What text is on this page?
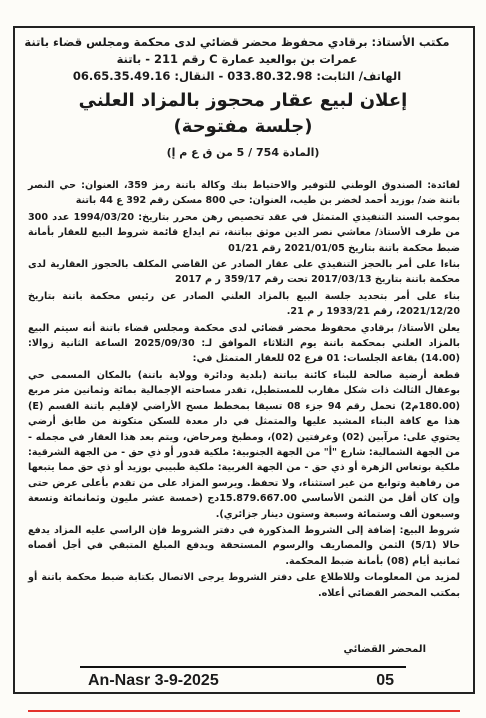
مكتب الأستاذ: برقادي محفوظ محضر قضائي لدى محكمة ومجلس قضاء باتنة
عمرات بن بوالعيد عمارة C رقم 211 - باتنة
الهاتف/ الثابت: 033.80.32.98 - النقال: 06.65.35.49.16
إعلان لبيع عقار محجوز بالمزاد العلني
(جلسة مفتوحة)
(المادة 754 / 5 من ق ع م إ)

لفائدة: الصندوق الوطني للتوفير والاحتياط بنك وكالة باتنة رمز 359، العنوان: حي النصر باتنة ضد/ بوزيد أحمد لخضر بن طيب، العنوان: حي 800 مسكن رقم 392 ع 44 باتنة

بموجب السند التنفيذي المتمثل في عقد تخصيص رهن محرر بتاريخ: 1994/03/20 عدد 300 من طرف الأستاذ/ معاشي نصر الدين موثق بباتنة، تم ايداع قائمة شروط البيع للعقار بأمانة ضبط محكمة باتنة بتاريخ 2021/01/05 رقم 01/21

بناءا على أمر بالحجز التنفيذي على عقار الصادر عن القاضي المكلف بالحجوز العقارية لدى محكمة باتنة بتاريخ 2017/03/13 تحت رقم 359/17 ر م 2017

بناء على أمر بتحديد جلسة البيع بالمزاد العلني الصادر عن رئيس محكمة باتنة بتاريخ 2021/12/20، رقم 1933/21 ر م 21.

يعلن الأستاذ/ برقادي محفوظ محضر قضائي لدى محكمة ومجلس قضاء باتنة أنه سيتم البيع بالمزاد العلني بمحكمة باتنة يوم الثلاثاء الموافق لـ: 2025/09/30 الساعة الثانية زوالا: (14.00) بقاعة الجلسات: 01 فرع 02 للعقار المتمثل في:

قطعة أرضية صالحة للبناء كائنة بباتنة (بلدية ودائرة وولاية باتنة) بالمكان المسمى حي بوعقال الثالث ذات شكل مقارب للمستطيل، تقدر مساحته الإجمالية بمائة وثمانين متر مربع (180.00م2) تحمل رقم 94 جزء 08 تسيقا بمخطط مسح الأراضي لإقليم باتنة القسم (E) هذا مع كافة البناء المشيد عليها والمتمثل في دار معدة للسكن متكونة من طابق أرضي يحتوي على: مرآبين (02) وغرفتين (02)، ومطبخ ومرحاض، ويتم بعد هذا العقار في مجمله - من الجهة الشمالية: شارع "أ" من الجهة الجنوبية: ملكية قدور أو ذي حق - من الجهة الشرقية: ملكية بوتعاس الزهرة أو ذي حق - من الجهة الغربية: ملكية طبيبي بوزيد أو ذي حق مما يتبعها من رفاهية وتوابع من غير استثناء، ولا تحفظ. ويرسو المزاد على من تقدم بأعلى عرض حتى وإن كان أقل من الثمن الأساسي 15.879.667.00دج (خمسة عشر مليون وثمانمائة وتسعة وسبعون ألف وستمائة وسبعة وستون دينار جزائري).

شروط البيع: إضافة إلى الشروط المذكورة في دفتر الشروط فإن الراسي عليه المزاد يدفع حالا (5/1) الثمن والمصاريف والرسوم المستحقة ويدفع المبلغ المتبقي في أجل أقصاه ثمانية أيام (08) بأمانة ضبط المحكمة.

لمزيد من المعلومات وللاطلاع على دفتر الشروط يرجى الاتصال بكتابة ضبط محكمة باتنة أو بمكتب المحضر القضائي أعلاه.

المحضر القضائي
An-Nasr 3-9-2025	05
